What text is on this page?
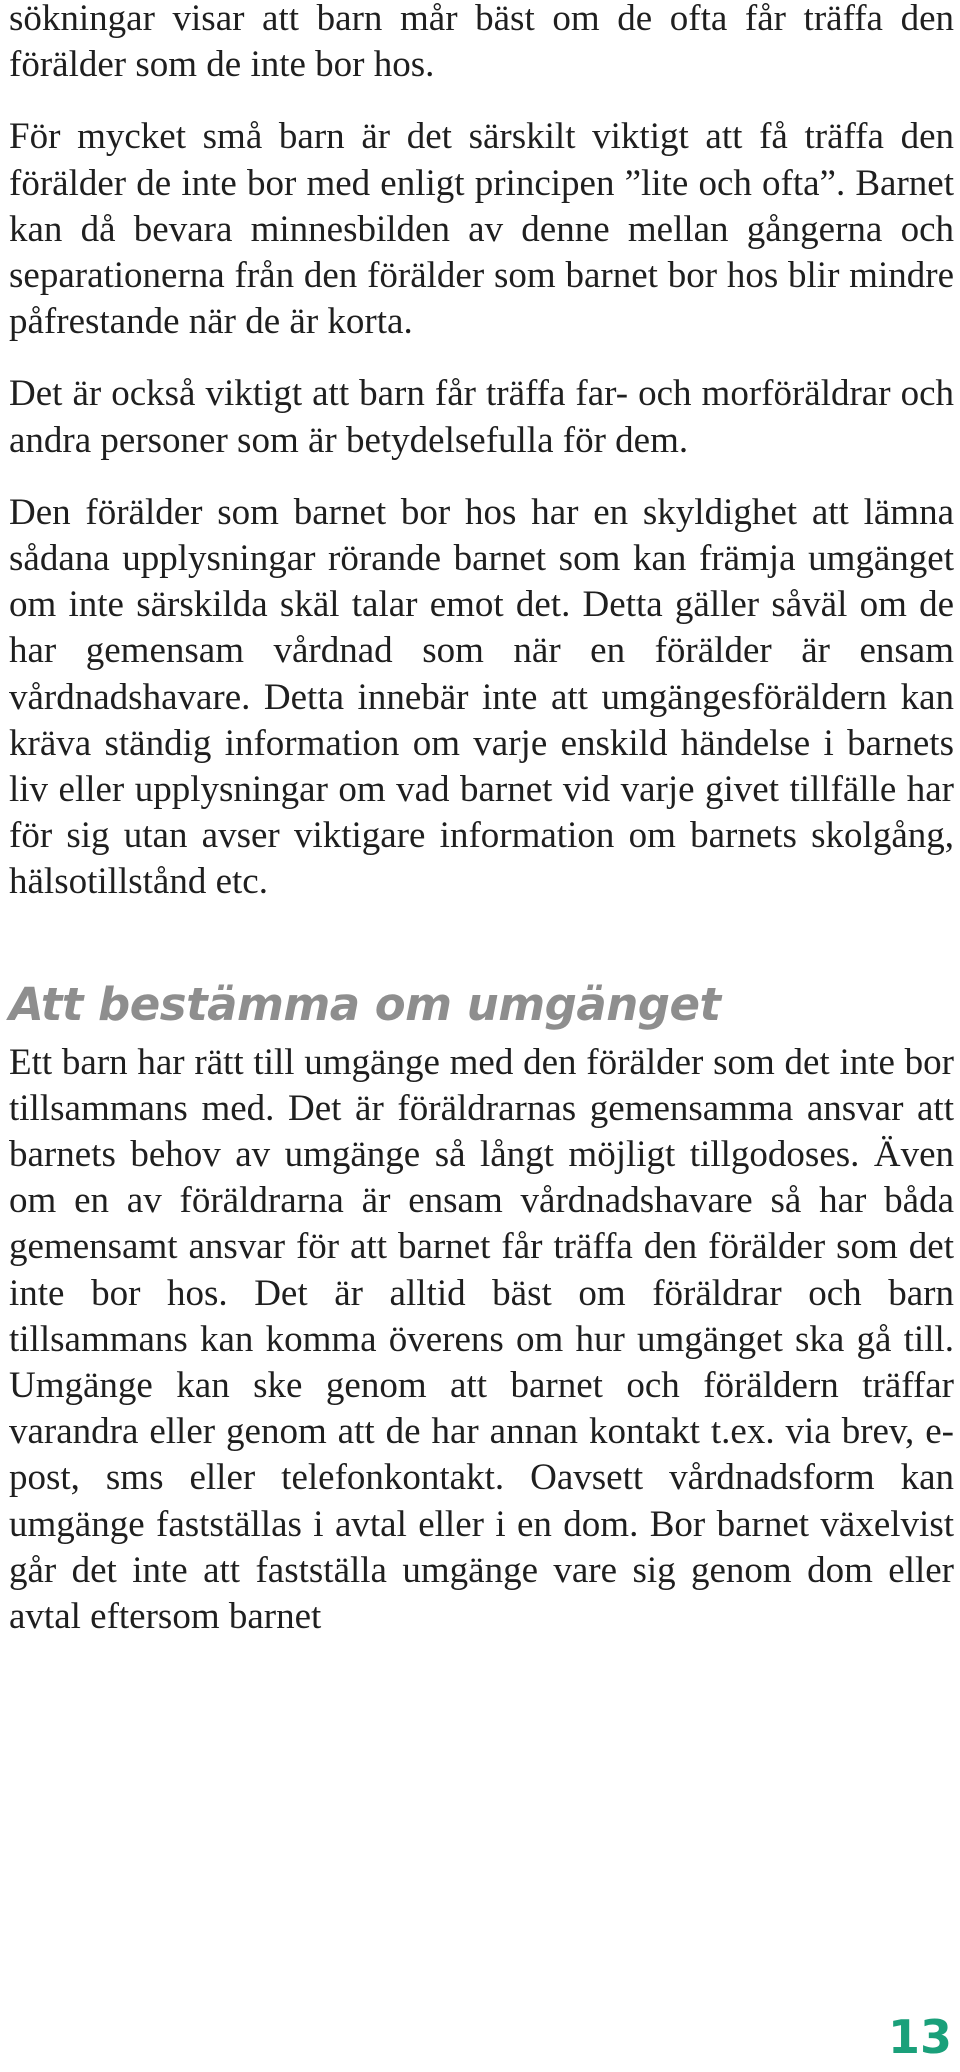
sökningar visar att barn mår bäst om de ofta får träffa den förälder som de inte bor hos.

För mycket små barn är det särskilt viktigt att få träffa den förälder de inte bor med enligt principen ”lite och ofta”. Barnet kan då bevara minnesbilden av denne mellan gångerna och separationerna från den förälder som barnet bor hos blir mindre påfrestande när de är korta.

Det är också viktigt att barn får träffa far- och morföräldrar och andra personer som är betydelsefulla för dem.

Den förälder som barnet bor hos har en skyldighet att lämna sådana upplysningar rörande barnet som kan främja umgänget om inte särskilda skäl talar emot det. Detta gäller såväl om de har gemensam vårdnad som när en förälder är ensam vårdnadshavare. Detta innebär inte att umgängesföräldern kan kräva ständig information om varje enskild händelse i barnets liv eller upplysningar om vad barnet vid varje givet tillfälle har för sig utan avser viktigare information om barnets skolgång, hälsotillstånd etc.

Att bestämma om umgänget

Ett barn har rätt till umgänge med den förälder som det inte bor tillsammans med. Det är föräldrarnas gemensamma ansvar att barnets behov av umgänge så långt möjligt tillgodoses. Även om en av föräldrarna är ensam vårdnadshavare så har båda gemensamt ansvar för att barnet får träffa den förälder som det inte bor hos. Det är alltid bäst om föräldrar och barn tillsammans kan komma överens om hur umgänget ska gå till. Umgänge kan ske genom att barnet och föräldern träffar varandra eller genom att de har annan kontakt t.ex. via brev, e-post, sms eller telefonkontakt. Oavsett vårdnadsform kan umgänge fastställas i avtal eller i en dom. Bor barnet växelvist går det inte att fastställa umgänge vare sig genom dom eller avtal eftersom barnet

13
